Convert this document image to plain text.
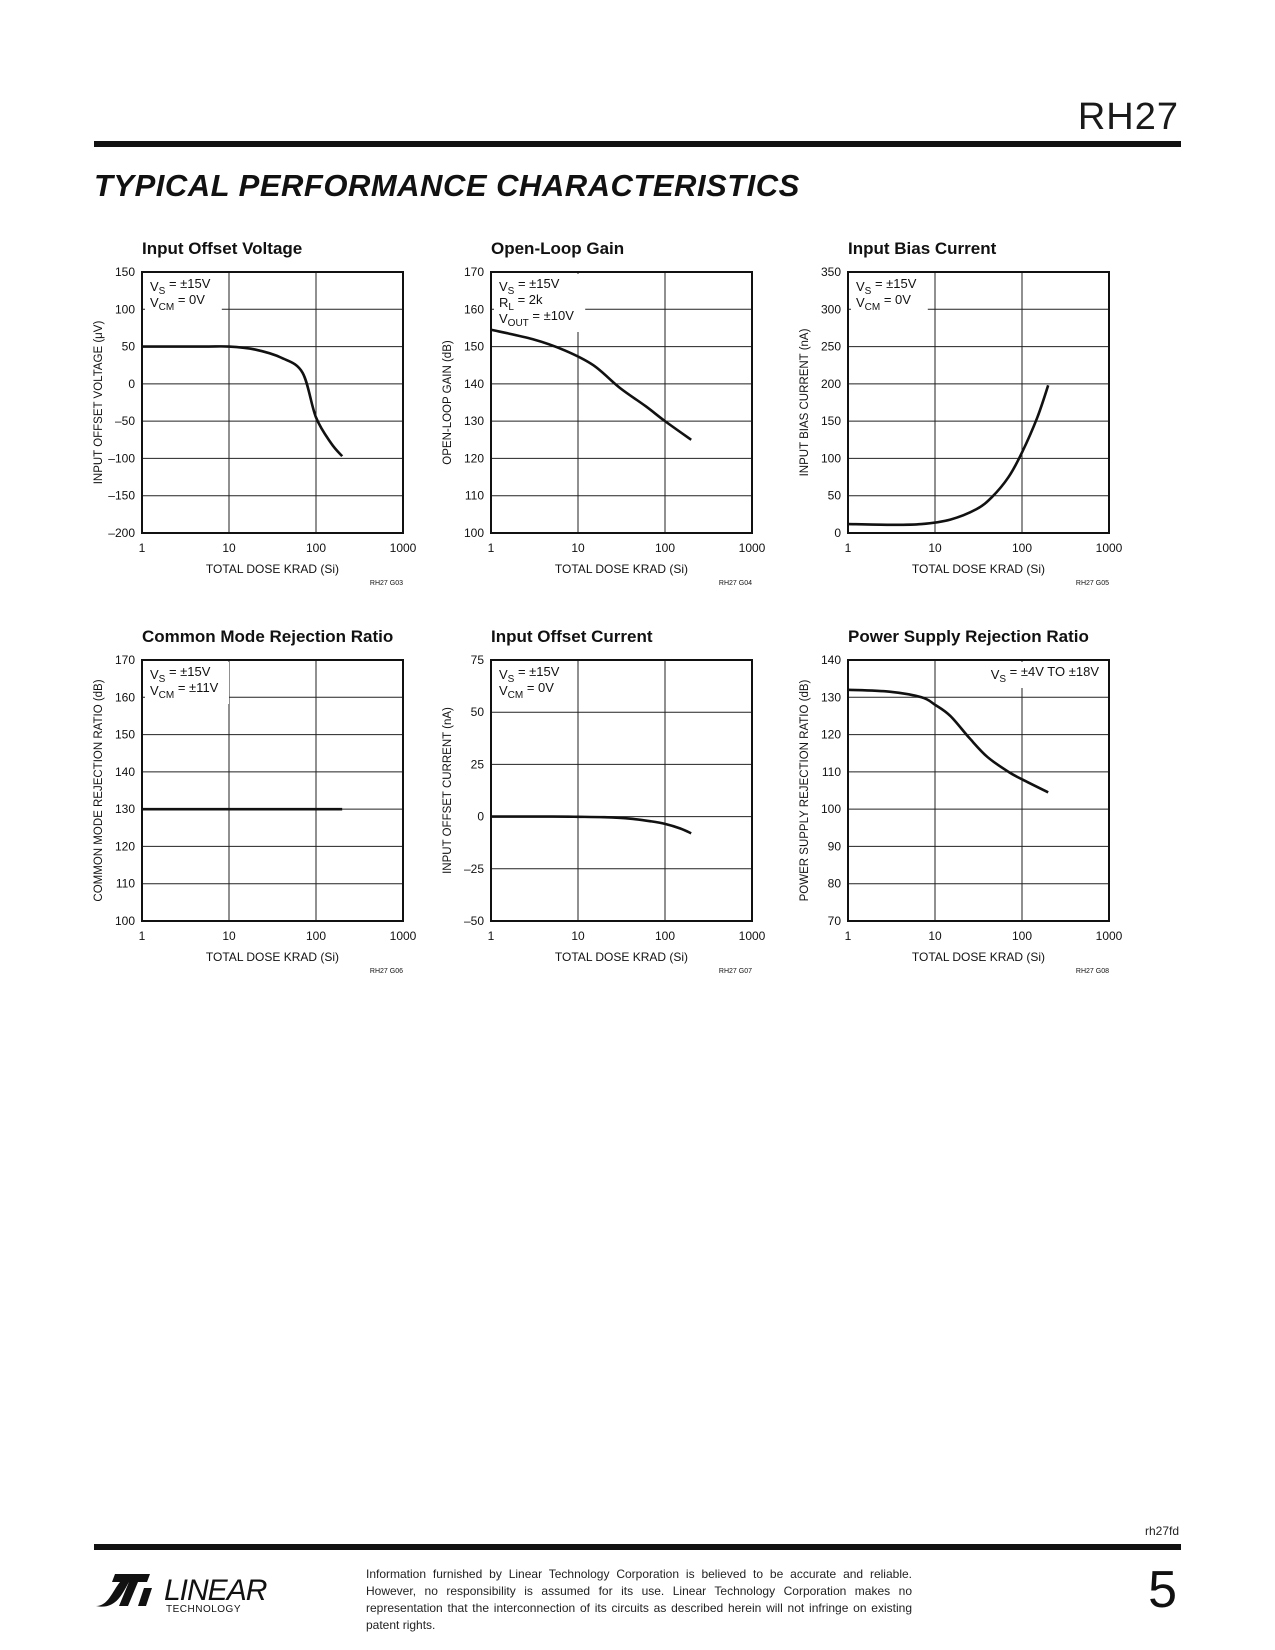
RH27
TYPICAL PERFORMANCE CHARACTERISTICS
Input Offset Voltage
VS = ±15V
VCM = 0V
150
100
50
0
–50
–100
–150
–200
1	10	100	1000
TOTAL DOSE KRAD (Si)
INPUT OFFSET VOLTAGE (μV)
RH27 G03
Open-Loop Gain
VS = ±15V
RL = 2k
VOUT = ±10V
170
160
150
140
130
120
110
100
1	10	100	1000
TOTAL DOSE KRAD (Si)
OPEN-LOOP GAIN (dB)
RH27 G04
Input Bias Current
VS = ±15V
VCM = 0V
350
300
250
200
150
100
50
0
1	10	100	1000
TOTAL DOSE KRAD (Si)
INPUT BIAS CURRENT (nA)
RH27 G05
Common Mode Rejection Ratio
VS = ±15V
VCM = ±11V
170
160
150
140
130
120
110
100
1	10	100	1000
TOTAL DOSE KRAD (Si)
COMMON MODE REJECTION RATIO (dB)
RH27 G06
Input Offset Current
VS = ±15V
VCM = 0V
75
50
25
0
–25
–50
1	10	100	1000
TOTAL DOSE KRAD (Si)
INPUT OFFSET CURRENT (nA)
RH27 G07
Power Supply Rejection Ratio
VS = ±4V TO ±18V
140
130
120
110
100
90
80
70
1	10	100	1000
TOTAL DOSE KRAD (Si)
POWER SUPPLY REJECTION RATIO (dB)
RH27 G08
rh27fd
LINEAR
TECHNOLOGY
Information furnished by Linear Technology Corporation is believed to be accurate and reliable. However, no responsibility is assumed for its use. Linear Technology Corporation makes no representation that the interconnection of its circuits as described herein will not infringe on existing patent rights.
5
